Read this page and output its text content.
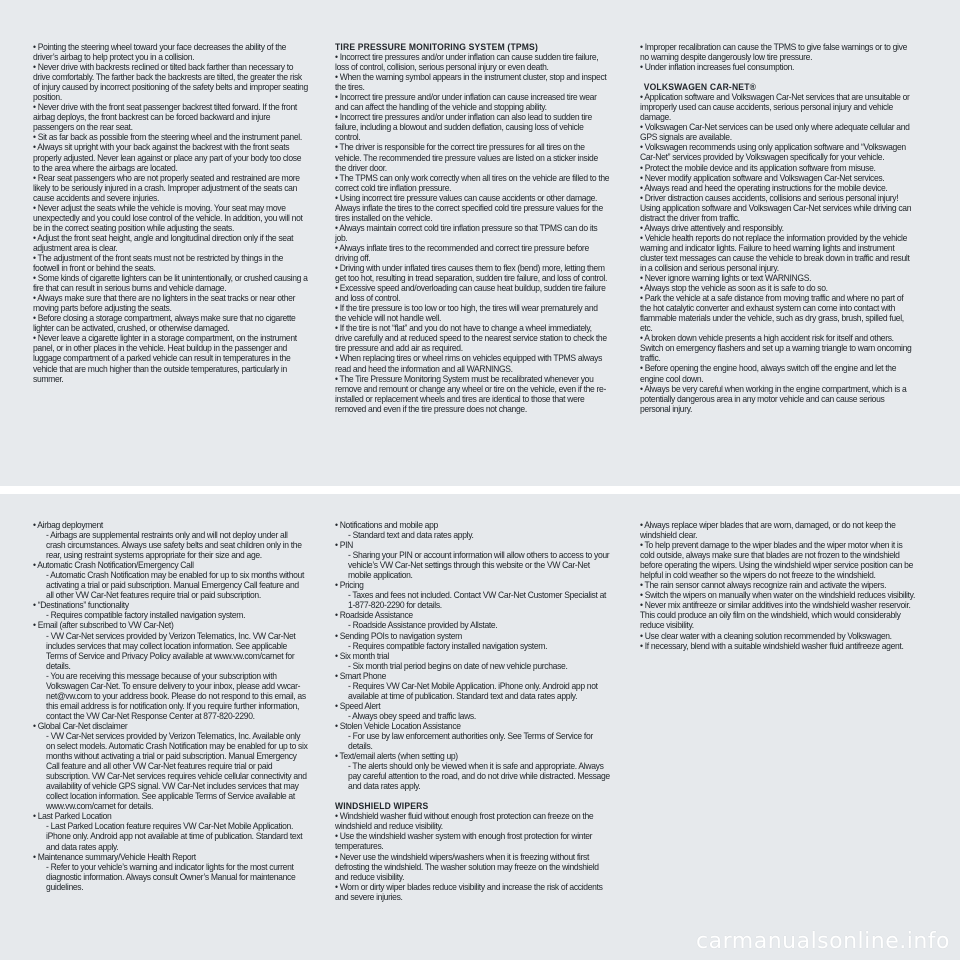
• Pointing the steering wheel toward your face decreases the ability of the driver’s airbag to help protect you in a collision.

• Never drive with backrests reclined or tilted back farther than necessary to drive comfortably. The farther back the backrests are tilted, the greater the risk of injury caused by incorrect positioning of the safety belts and improper seating position.

• Never drive with the front seat passenger backrest tilted forward. If the front airbag deploys, the front backrest can be forced backward and injure passengers on the rear seat.

• Sit as far back as possible from the steering wheel and the instrument panel.

• Always sit upright with your back against the backrest with the front seats properly adjusted. Never lean against or place any part of your body too close to the area where the airbags are located.

• Rear seat passengers who are not properly seated and restrained are more likely to be seriously injured in a crash. Improper adjustment of the seats can cause accidents and severe injuries.

• Never adjust the seats while the vehicle is moving. Your seat may move unexpectedly and you could lose control of the vehicle. In addition, you will not be in the correct seating position while adjusting the seats.

• Adjust the front seat height, angle and longitudinal direction only if the seat adjustment area is clear.

• The adjustment of the front seats must not be restricted by things in the footwell in front or behind the seats.

• Some kinds of cigarette lighters can be lit unintentionally, or crushed causing a fire that can result in serious burns and vehicle damage.

• Always make sure that there are no lighters in the seat tracks or near other moving parts before adjusting the seats.

• Before closing a storage compartment, always make sure that no cigarette lighter can be activated, crushed, or otherwise damaged.

• Never leave a cigarette lighter in a storage compartment, on the instrument panel, or in other places in the vehicle. Heat buildup in the passenger and luggage compartment of a parked vehicle can result in temperatures in the vehicle that are much higher than the outside temperatures, particularly in summer.

TIRE PRESSURE MONITORING SYSTEM (TPMS)

• Incorrect tire pressures and/or under inflation can cause sudden tire failure, loss of control, collision, serious personal injury or even death.

• When the warning symbol appears in the instrument cluster, stop and inspect the tires.

• Incorrect tire pressure and/or under inflation can cause increased tire wear and can affect the handling of the vehicle and stopping ability.

• Incorrect tire pressures and/or under inflation can also lead to sudden tire failure, including a blowout and sudden deflation, causing loss of vehicle control.

• The driver is responsible for the correct tire pressures for all tires on the vehicle. The recommended tire pressure values are listed on a sticker inside the driver door.

• The TPMS can only work correctly when all tires on the vehicle are filled to the correct cold tire inflation pressure.

• Using incorrect tire pressure values can cause accidents or other damage. Always inflate the tires to the correct specified cold tire pressure values for the tires installed on the vehicle.

• Always maintain correct cold tire inflation pressure so that TPMS can do its job.

• Always inflate tires to the recommended and correct tire pressure before driving off.

• Driving with under inflated tires causes them to flex (bend) more, letting them get too hot, resulting in tread separation, sudden tire failure, and loss of control.

• Excessive speed and/overloading can cause heat buildup, sudden tire failure and loss of control.

• If the tire pressure is too low or too high, the tires will wear prematurely and the vehicle will not handle well.

• If the tire is not “flat” and you do not have to change a wheel immediately, drive carefully and at reduced speed to the nearest service station to check the tire pressure and add air as required.

• When replacing tires or wheel rims on vehicles equipped with TPMS always read and heed the information and all WARNINGS.

• The Tire Pressure Monitoring System must be recalibrated whenever you remove and remount or change any wheel or tire on the vehicle, even if the re-installed or replacement wheels and tires are identical to those that were removed and even if the tire pressure does not change.

• Improper recalibration can cause the TPMS to give false warnings or to give no warning despite dangerously low tire pressure.

• Under inflation increases fuel consumption.

VOLKSWAGEN CAR-NET®

• Application software and Volkswagen Car-Net services that are unsuitable or improperly used can cause accidents, serious personal injury and vehicle damage.

• Volkswagen Car-Net services can be used only where adequate cellular and GPS signals are available.

• Volkswagen recommends using only application software and “Volkswagen Car-Net” services provided by Volkswagen specifically for your vehicle.

• Protect the mobile device and its application software from misuse.

• Never modify application software and Volkswagen Car-Net services.

• Always read and heed the operating instructions for the mobile device.

• Driver distraction causes accidents, collisions and serious personal injury! Using application software and Volkswagen Car-Net services while driving can distract the driver from traffic.

• Always drive attentively and responsibly.

• Vehicle health reports do not replace the information provided by the vehicle warning and indicator lights. Failure to heed warning lights and instrument cluster text messages can cause the vehicle to break down in traffic and result in a collision and serious personal injury.

• Never ignore warning lights or text WARNINGS.

• Always stop the vehicle as soon as it is safe to do so.

• Park the vehicle at a safe distance from moving traffic and where no part of the hot catalytic converter and exhaust system can come into contact with flammable materials under the vehicle, such as dry grass, brush, spilled fuel, etc.

• A broken down vehicle presents a high accident risk for itself and others. Switch on emergency flashers and set up a warning triangle to warn oncoming traffic.

• Before opening the engine hood, always switch off the engine and let the engine cool down.

• Always be very careful when working in the engine compartment, which is a potentially dangerous area in any motor vehicle and can cause serious personal injury.

• Airbag deployment

- Airbags are supplemental restraints only and will not deploy under all crash circumstances. Always use safety belts and seat children only in the rear, using restraint systems appropriate for their size and age.

• Automatic Crash Notification/Emergency Call

- Automatic Crash Notification may be enabled for up to six months without activating a trial or paid subscription. Manual Emergency Call feature and all other VW Car-Net features require trial or paid subscription.

• “Destinations” functionality

- Requires compatible factory installed navigation system.

• Email (after subscribed to VW Car-Net)

- VW Car-Net services provided by Verizon Telematics, Inc. VW Car-Net includes services that may collect location information. See applicable Terms of Service and Privacy Policy available at www.vw.com/carnet for details.

- You are receiving this message because of your subscription with Volkswagen Car-Net. To ensure delivery to your inbox, please add vwcar-net@vw.com to your address book. Please do not respond to this email, as this email address is for notification only. If you require further information, contact the VW Car-Net Response Center at 877-820-2290.

• Global Car-Net disclaimer

- VW Car-Net services provided by Verizon Telematics, Inc. Available only on select models. Automatic Crash Notification may be enabled for up to six months without activating a trial or paid subscription. Manual Emergency Call feature and all other VW Car-Net features require trial or paid subscription. VW Car-Net services requires vehicle cellular connectivity and availability of vehicle GPS signal. VW Car-Net includes services that may collect location information. See applicable Terms of Service available at www.vw.com/carnet for details.

• Last Parked Location

- Last Parked Location feature requires VW Car-Net Mobile Application. iPhone only. Android app not available at time of publication. Standard text and data rates apply.

• Maintenance summary/Vehicle Health Report

- Refer to your vehicle’s warning and indicator lights for the most current diagnostic information. Always consult Owner’s Manual for maintenance guidelines.

• Notifications and mobile app

- Standard text and data rates apply.

• PIN

- Sharing your PIN or account information will allow others to access to your vehicle’s VW Car-Net settings through this website or the VW Car-Net mobile application.

• Pricing

- Taxes and fees not included. Contact VW Car-Net Customer Specialist at 1-877-820-2290 for details.

• Roadside Assistance

- Roadside Assistance provided by Allstate.

• Sending POIs to navigation system

- Requires compatible factory installed navigation system.

• Six month trial

- Six month trial period begins on date of new vehicle purchase.

• Smart Phone

- Requires VW Car-Net Mobile Application. iPhone only. Android app not available at time of publication. Standard text and data rates apply.

• Speed Alert

- Always obey speed and traffic laws.

• Stolen Vehicle Location Assistance

- For use by law enforcement authorities only. See Terms of Service for details.

• Text/email alerts (when setting up)

- The alerts should only be viewed when it is safe and appropriate. Always pay careful attention to the road, and do not drive while distracted. Message and data rates apply.

WINDSHIELD WIPERS

• Windshield washer fluid without enough frost protection can freeze on the windshield and reduce visibility.

• Use the windshield washer system with enough frost protection for winter temperatures.

• Never use the windshield wipers/washers when it is freezing without first defrosting the windshield. The washer solution may freeze on the windshield and reduce visibility.

• Worn or dirty wiper blades reduce visibility and increase the risk of accidents and severe injuries.

• Always replace wiper blades that are worn, damaged, or do not keep the windshield clear.

• To help prevent damage to the wiper blades and the wiper motor when it is cold outside, always make sure that blades are not frozen to the windshield before operating the wipers. Using the windshield wiper service position can be helpful in cold weather so the wipers do not freeze to the windshield.

• The rain sensor cannot always recognize rain and activate the wipers.

• Switch the wipers on manually when water on the windshield reduces visibility.

• Never mix antifreeze or similar additives into the windshield washer reservoir. This could produce an oily film on the windshield, which would considerably reduce visibility.

• Use clear water with a cleaning solution recommended by Volkswagen.

• If necessary, blend with a suitable windshield washer fluid antifreeze agent.

carmanualsonline.info
